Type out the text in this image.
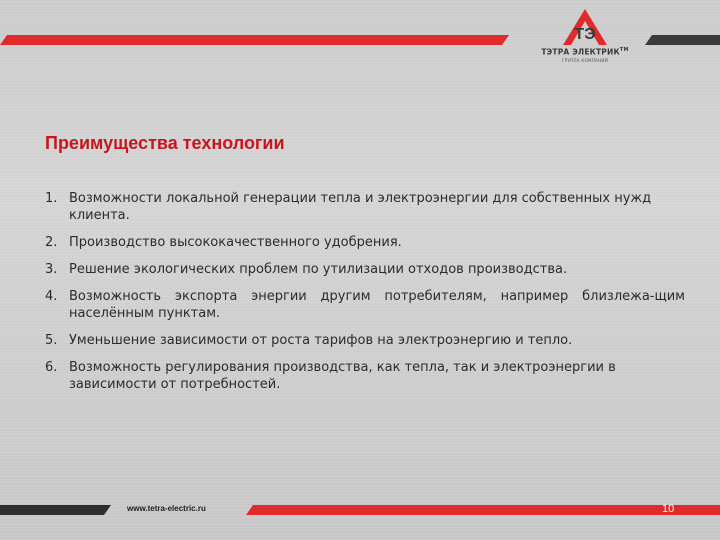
ТЭ
ТЭТРА ЭЛЕКТРИК™
ГРУППА КОМПАНИЙ
Преимущества технологии
1. Возможности локальной генерации тепла и электроэнергии для собственных нужд клиента.
2. Производство высококачественного удобрения.
3. Решение экологических проблем по утилизации отходов производства.
4. Возможность экспорта энергии другим потребителям, например близлежа-щим населённым пунктам.
5. Уменьшение зависимости от роста тарифов на электроэнергию и тепло.
6. Возможность регулирования производства, как тепла, так и электроэнергии в зависимости от потребностей.
www.tetra-electric.ru	10
